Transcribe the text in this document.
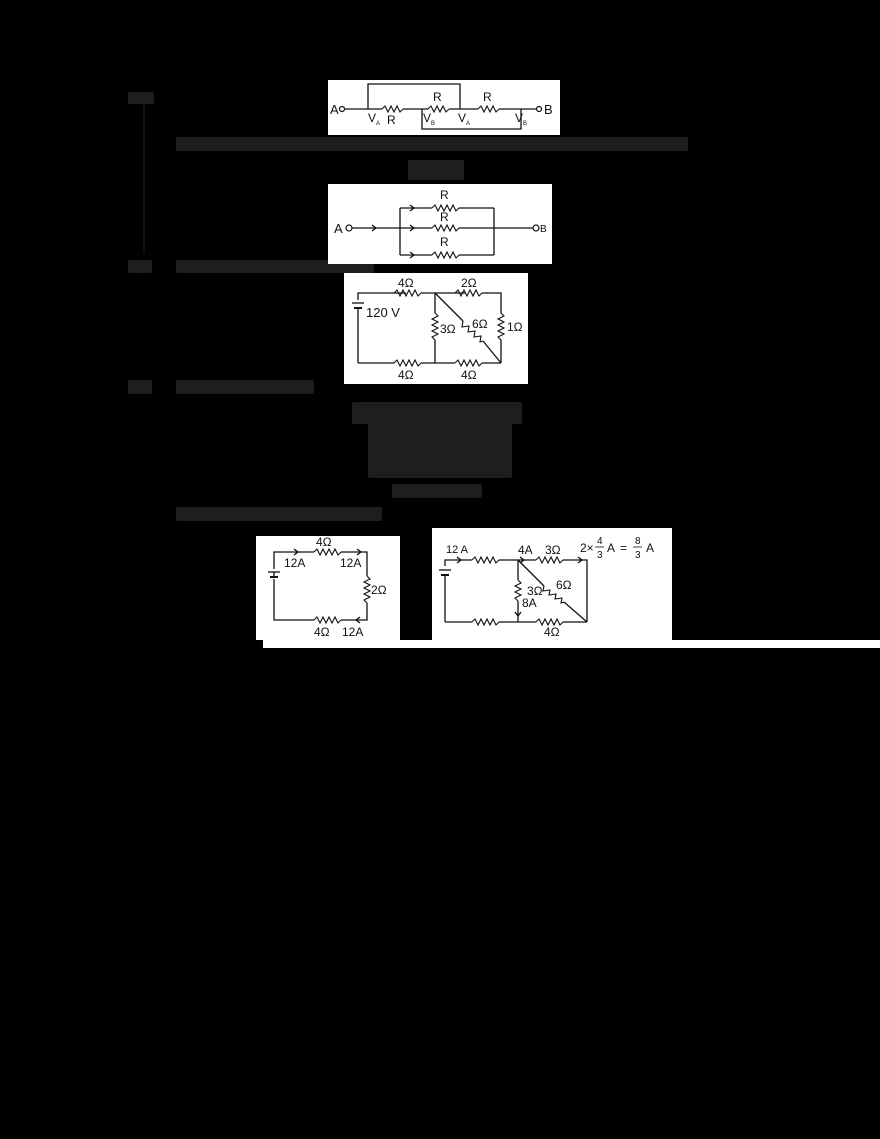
A	B
R
R	R
V A	V B V A	V B
A	B
R
R
R
120 V
4Ω	2Ω
3Ω 6Ω 1Ω
4Ω	4Ω
4Ω
2Ω
4Ω
12A	12A
12A
12 A	4A 3Ω
3Ω
8A
6Ω
4Ω
2× 4
3
A = 8
3
A
